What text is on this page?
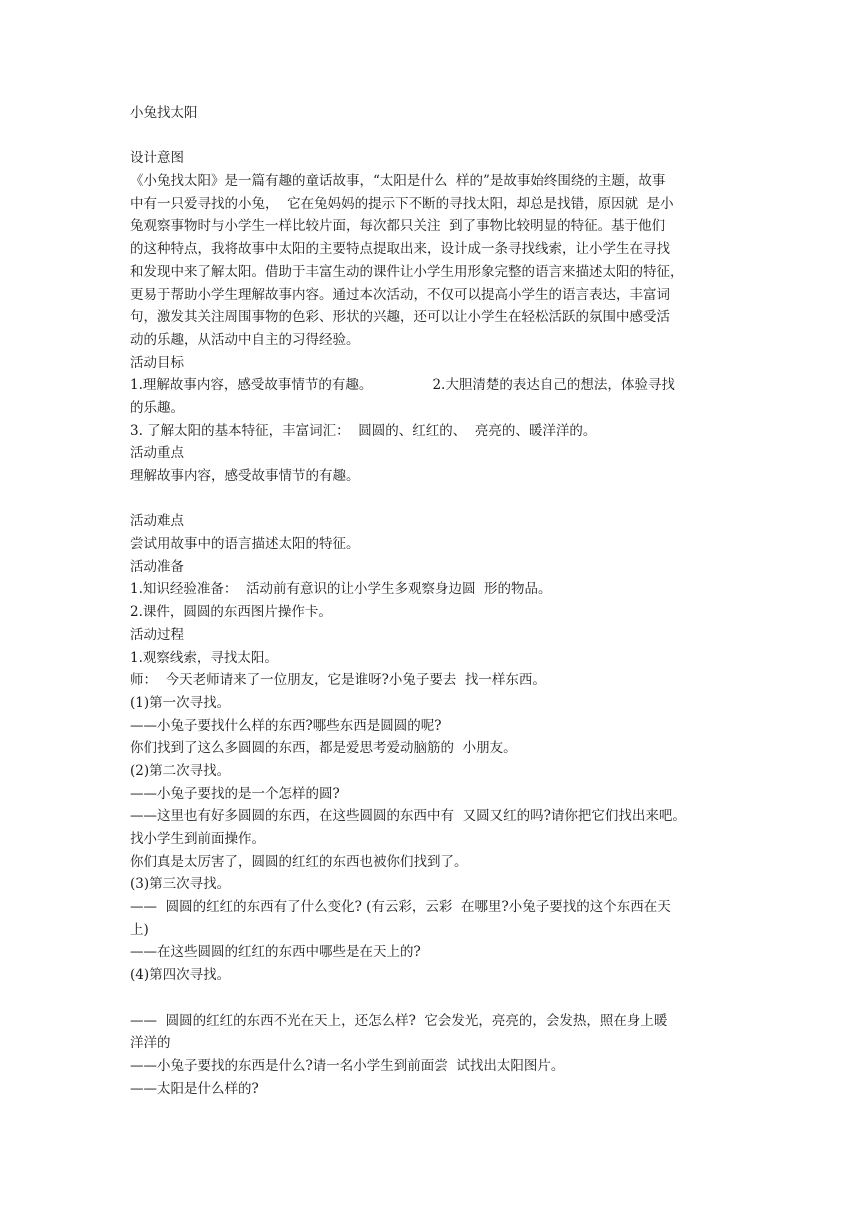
小兔找太阳
设计意图
《小兔找太阳》是一篇有趣的童话故事，“太阳是什么  样的”是故事始终围绕的主题，故事
中有一只爱寻找的小兔，  它在兔妈妈的提示下不断的寻找太阳，却总是找错，原因就  是小
兔观察事物时与小学生一样比较片面，每次都只关注  到了事物比较明显的特征。基于他们
的这种特点，我将故事中太阳的主要特点提取出来，设计成一条寻找线索，让小学生在寻找
和发现中来了解太阳。借助于丰富生动的课件让小学生用形象完整的语言来描述太阳的特征，
更易于帮助小学生理解故事内容。通过本次活动，不仅可以提高小学生的语言表达，丰富词
句，激发其关注周围事物的色彩、形状的兴趣，还可以让小学生在轻松活跃的氛围中感受活
动的乐趣，从活动中自主的习得经验。
活动目标
1.理解故事内容，感受故事情节的有趣。              2.大胆清楚的表达自己的想法，体验寻找
的乐趣。
3. 了解太阳的基本特征，丰富词汇：  圆圆的、红红的、  亮亮的、暖洋洋的。
活动重点
理解故事内容，感受故事情节的有趣。
活动难点
尝试用故事中的语言描述太阳的特征。
活动准备
1.知识经验准备：  活动前有意识的让小学生多观察身边圆  形的物品。
2.课件，圆圆的东西图片操作卡。
活动过程
1.观察线索，寻找太阳。
师：  今天老师请来了一位朋友，它是谁呀?小兔子要去  找一样东西。
(1)第一次寻找。
——小兔子要找什么样的东西?哪些东西是圆圆的呢?
你们找到了这么多圆圆的东西，都是爱思考爱动脑筋的  小朋友。
(2)第二次寻找。
——小兔子要找的是一个怎样的圆?
——这里也有好多圆圆的东西，在这些圆圆的东西中有  又圆又红的吗?请你把它们找出来吧。
找小学生到前面操作。
你们真是太厉害了，圆圆的红红的东西也被你们找到了。
(3)第三次寻找。
——  圆圆的红红的东西有了什么变化? (有云彩，云彩  在哪里?小兔子要找的这个东西在天
上)
——在这些圆圆的红红的东西中哪些是在天上的?
(4)第四次寻找。
——  圆圆的红红的东西不光在天上，还怎么样?  它会发光，亮亮的，会发热，照在身上暖
洋洋的
——小兔子要找的东西是什么?请一名小学生到前面尝  试找出太阳图片。
——太阳是什么样的?
